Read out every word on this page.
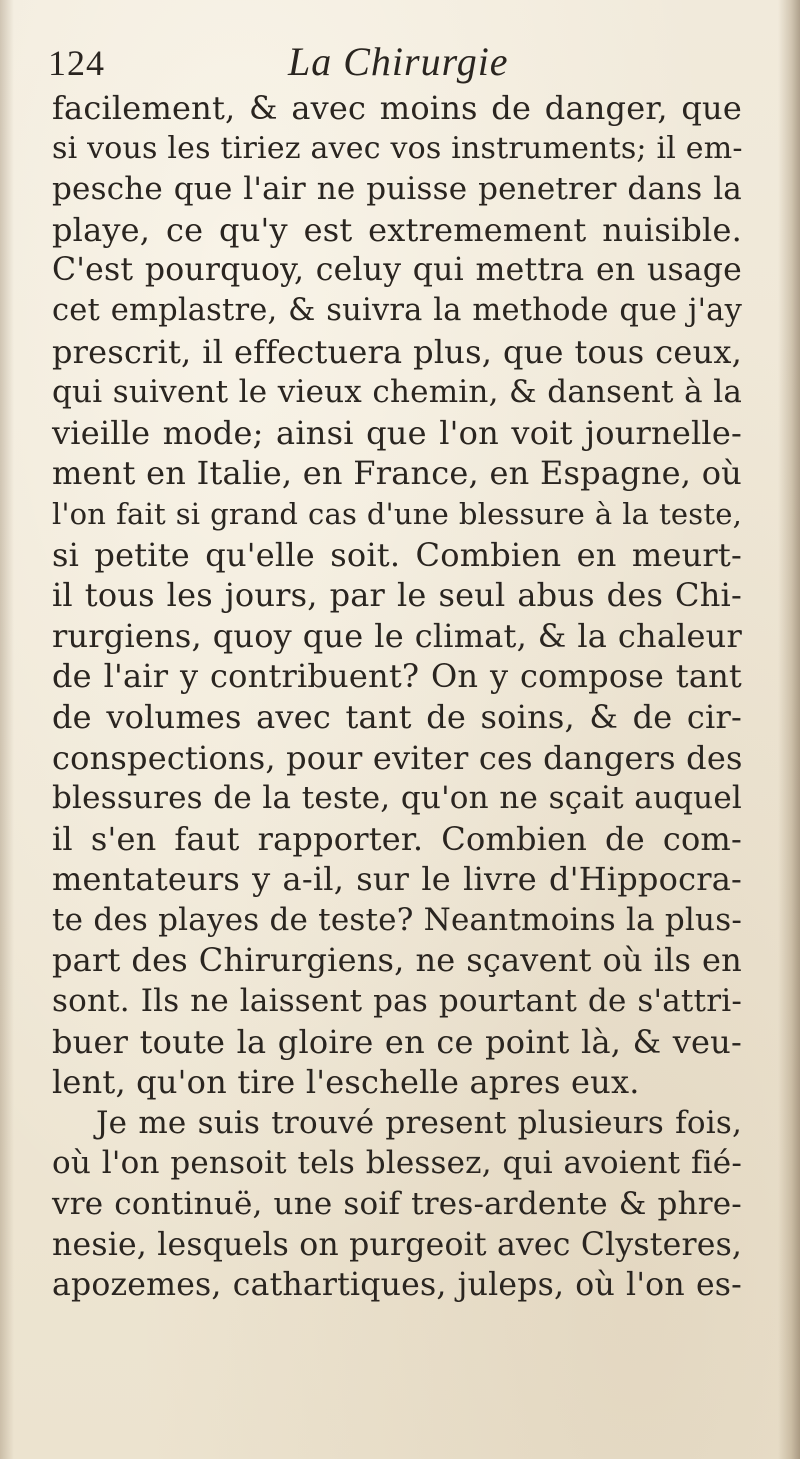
124	La Chirurgie
facilement, & avec moins de danger, que
si vous les tiriez avec vos instruments; il em-
pesche que l'air ne puisse penetrer dans la
playe, ce qu'y est extremement nuisible.
C'est pourquoy, celuy qui mettra en usage
cet emplastre, & suivra la methode que j'ay
prescrit, il effectuera plus, que tous ceux,
qui suivent le vieux chemin, & dansent à la
vieille mode; ainsi que l'on voit journelle-
ment en Italie, en France, en Espagne, où
l'on fait si grand cas d'une blessure à la teste,
si petite qu'elle soit. Combien en meurt-
il tous les jours, par le seul abus des Chi-
rurgiens, quoy que le climat, & la chaleur
de l'air y contribuent? On y compose tant
de volumes avec tant de soins, & de cir-
conspections, pour eviter ces dangers des
blessures de la teste, qu'on ne sçait auquel
il s'en faut rapporter. Combien de com-
mentateurs y a-il, sur le livre d'Hippocra-
te des playes de teste? Neantmoins la plus-
part des Chirurgiens, ne sçavent où ils en
sont. Ils ne laissent pas pourtant de s'attri-
buer toute la gloire en ce point là, & veu-
lent, qu'on tire l'eschelle apres eux.
Je me suis trouvé present plusieurs fois,
où l'on pensoit tels blessez, qui avoient fié-
vre continuë, une soif tres-ardente & phre-
nesie, lesquels on purgeoit avec Clysteres,
apozemes, cathartiques, juleps, où l'on es-
